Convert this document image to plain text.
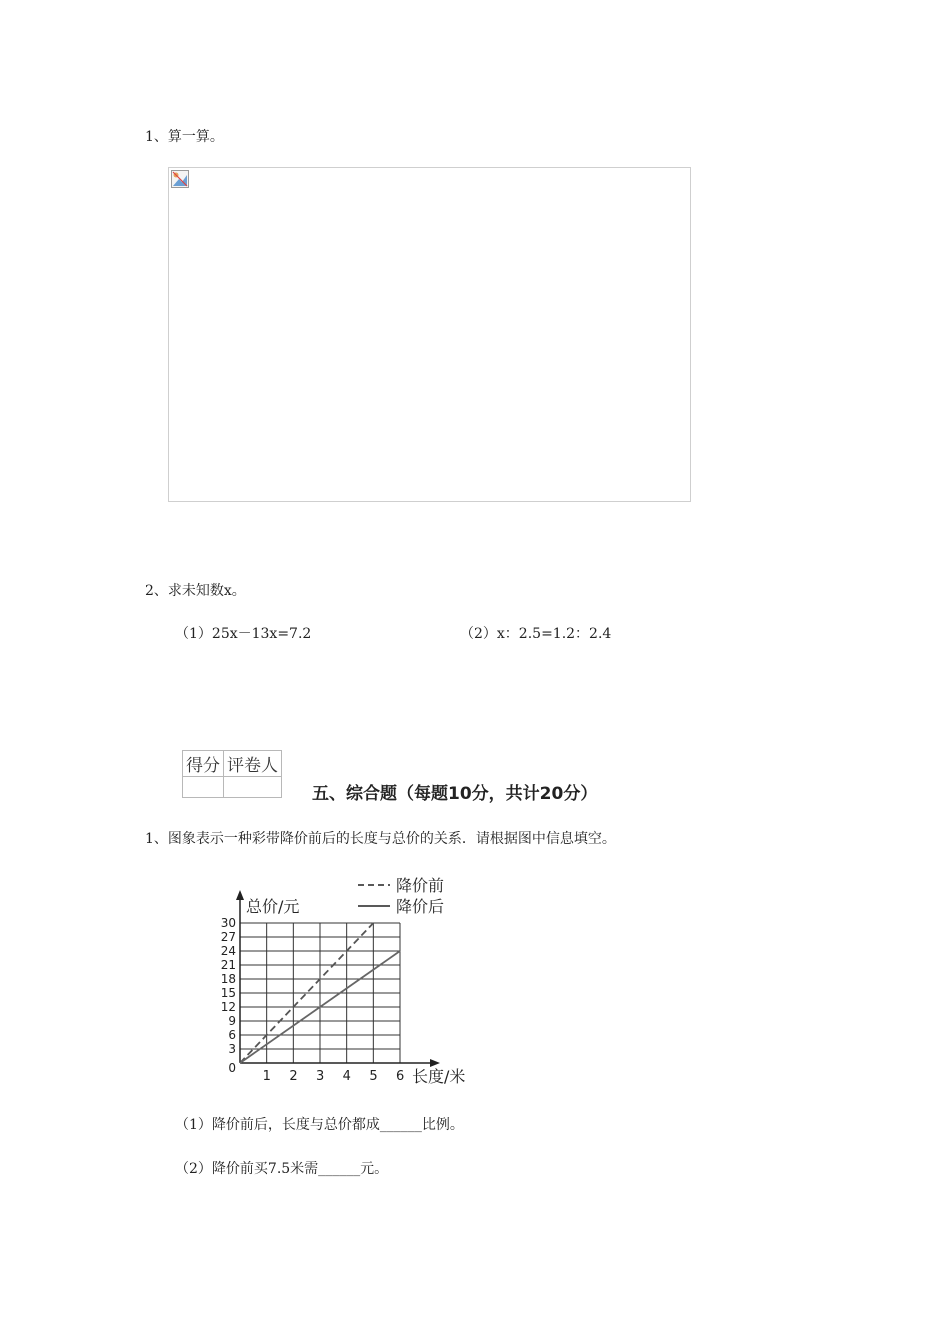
1、算一算。
2、求未知数x。
（1）25x－13x=7.2	（2）x：2.5=1.2：2.4
得分	评卷人

五、综合题（每题10分，共计20分）
1、图象表示一种彩带降价前后的长度与总价的关系．请根据图中信息填空。
1 2 3 4 5 6
0
3
6
9
12
15
18
21
24
27
30
总价/元
长度/米
降价前
降价后
（1）降价前后，长度与总价都成______比例。
（2）降价前买7.5米需______元。
